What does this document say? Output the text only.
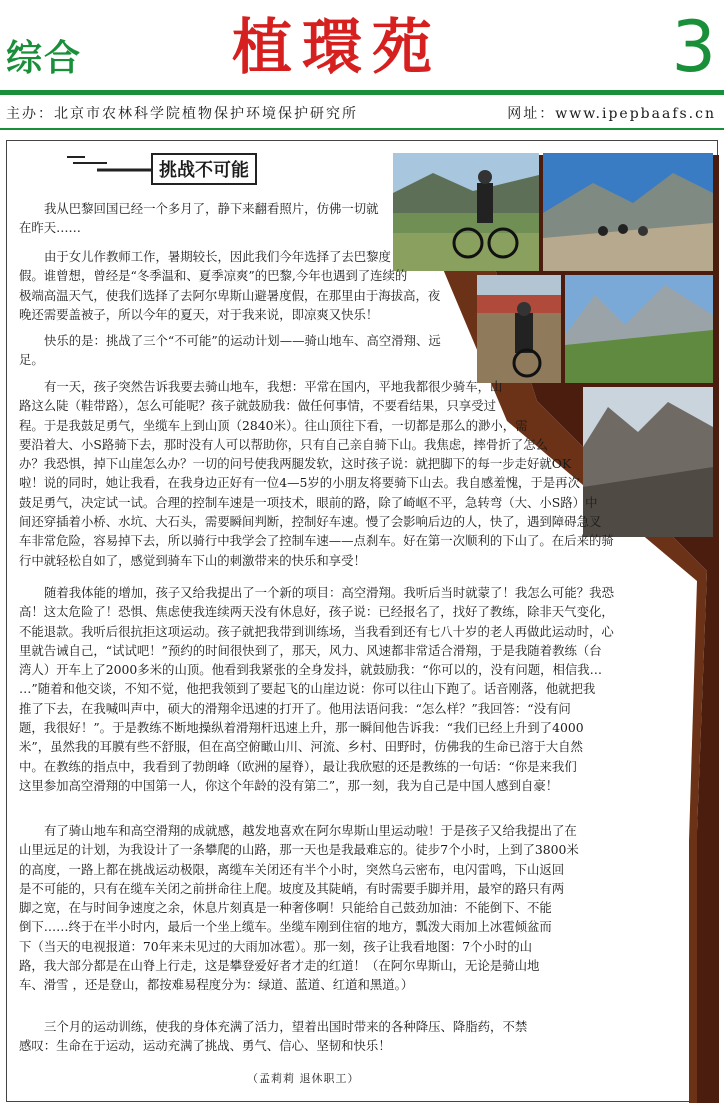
综合 植環苑	3
主办：北京市农林科学院植物保护环境保护研究所	网址：www.ipepbaafs.cn
挑战不可能
我从巴黎回国已经一个多月了，静下来翻看照片，仿佛一切就
在昨天……
由于女儿作教师工作，暑期较长，因此我们今年选择了去巴黎度
假。谁曾想，曾经是“冬季温和、夏季凉爽”的巴黎,今年也遇到了连续的
极端高温天气，使我们选择了去阿尔卑斯山避暑度假，在那里由于海拔高，夜
晚还需要盖被子，所以今年的夏天，对于我来说，即凉爽又快乐！
快乐的是：挑战了三个“不可能”的运动计划——骑山地车、高空滑翔、远
足。
有一天，孩子突然告诉我要去骑山地车，我想：平常在国内，平地我都很少骑车，山
路这么陡（鞋带路），怎么可能呢？孩子就鼓励我：做任何事情，不要看结果，只享受过
程。于是我鼓足勇气，坐缆车上到山顶（2840米）。往山顶往下看，一切都是那么的渺小，需
要沿着大、小S路骑下去，那时没有人可以帮助你，只有自己亲自骑下山。我焦虑，摔骨折了怎么
办？我恐惧，掉下山崖怎么办？一切的问号使我两腿发软，这时孩子说：就把脚下的每一步走好就OK
啦！说的同时，她让我看，在我身边正好有一位4—5岁的小朋友将要骑下山去。我自感羞愧，于是再次
鼓足勇气，决定试一试。合理的控制车速是一项技术，眼前的路，除了崎岖不平，急转弯（大、小S路）中
间还穿插着小桥、水坑、大石头，需要瞬间判断，控制好车速。慢了会影响后边的人，快了，遇到障碍急叉
车非常危险，容易掉下去，所以骑行中我学会了控制车速——点刹车。好在第一次顺利的下山了。在后来的骑
行中就轻松自如了，感觉到骑车下山的刺激带来的快乐和享受！
随着我体能的增加，孩子又给我提出了一个新的项目：高空滑翔。我听后当时就蒙了！我怎么可能？我恐
高！这太危险了！恐惧、焦虑使我连续两天没有休息好，孩子说：已经报名了，找好了教练，除非天气变化，
不能退款。我听后很抗拒这项运动。孩子就把我带到训练场，当我看到还有七八十岁的老人再做此运动时，心
里就告诫自己，“试试吧！”预约的时间很快到了，那天，风力、风速都非常适合滑翔，于是我随着教练（台
湾人）开车上了2000多米的山顶。他看到我紧张的全身发抖，就鼓励我：“你可以的，没有问题，相信我…
…”随着和他交谈，不知不觉，他把我领到了要起飞的山崖边说：你可以往山下跑了。话音刚落，他就把我
推了下去，在我喊叫声中，硕大的滑翔伞迅速的打开了。他用法语问我：“怎么样？”我回答：“没有问
题，我很好！”。于是教练不断地操纵着滑翔杆迅速上升，那一瞬间他告诉我：“我们已经上升到了4000
米”，虽然我的耳膜有些不舒服，但在高空俯瞰山川、河流、乡村、田野时，仿佛我的生命已溶于大自然
中。在教练的指点中，我看到了勃朗峰（欧洲的屋脊），最让我欣慰的还是教练的一句话：“你是来我们
这里参加高空滑翔的中国第一人，你这个年龄的没有第二”，那一刻，我为自己是中国人感到自豪！
有了骑山地车和高空滑翔的成就感，越发地喜欢在阿尔卑斯山里运动啦！于是孩子又给我提出了在
山里远足的计划，为我设计了一条攀爬的山路，那一天也是我最难忘的。徒步7个小时，上到了3800米
的高度，一路上都在挑战运动极限，离缆车关闭还有半个小时，突然乌云密布，电闪雷鸣，下山返回
是不可能的，只有在缆车关闭之前拼命往上爬。坡度及其陡峭，有时需要手脚并用，最窄的路只有两
脚之宽，在与时间争速度之余，休息片刻真是一种奢侈啊！只能给自己鼓劲加油：不能倒下、不能
倒下……终于在半小时内，最后一个坐上缆车。坐缆车刚到住宿的地方，瓢泼大雨加上冰雹倾盆而
下（当天的电视报道：70年来未见过的大雨加冰雹）。那一刻，孩子让我看地图：7个小时的山
路，我大部分都是在山脊上行走，这是攀登爱好者才走的红道！（在阿尔卑斯山，无论是骑山地
车、滑雪 ，还是登山，都按难易程度分为：绿道、蓝道、红道和黑道。）
三个月的运动训练，使我的身体充满了活力，望着出国时带来的各种降压、降脂药，不禁
感叹：生命在于运动，运动充满了挑战、勇气、信心、坚韧和快乐！
（孟莉莉 退休职工）
